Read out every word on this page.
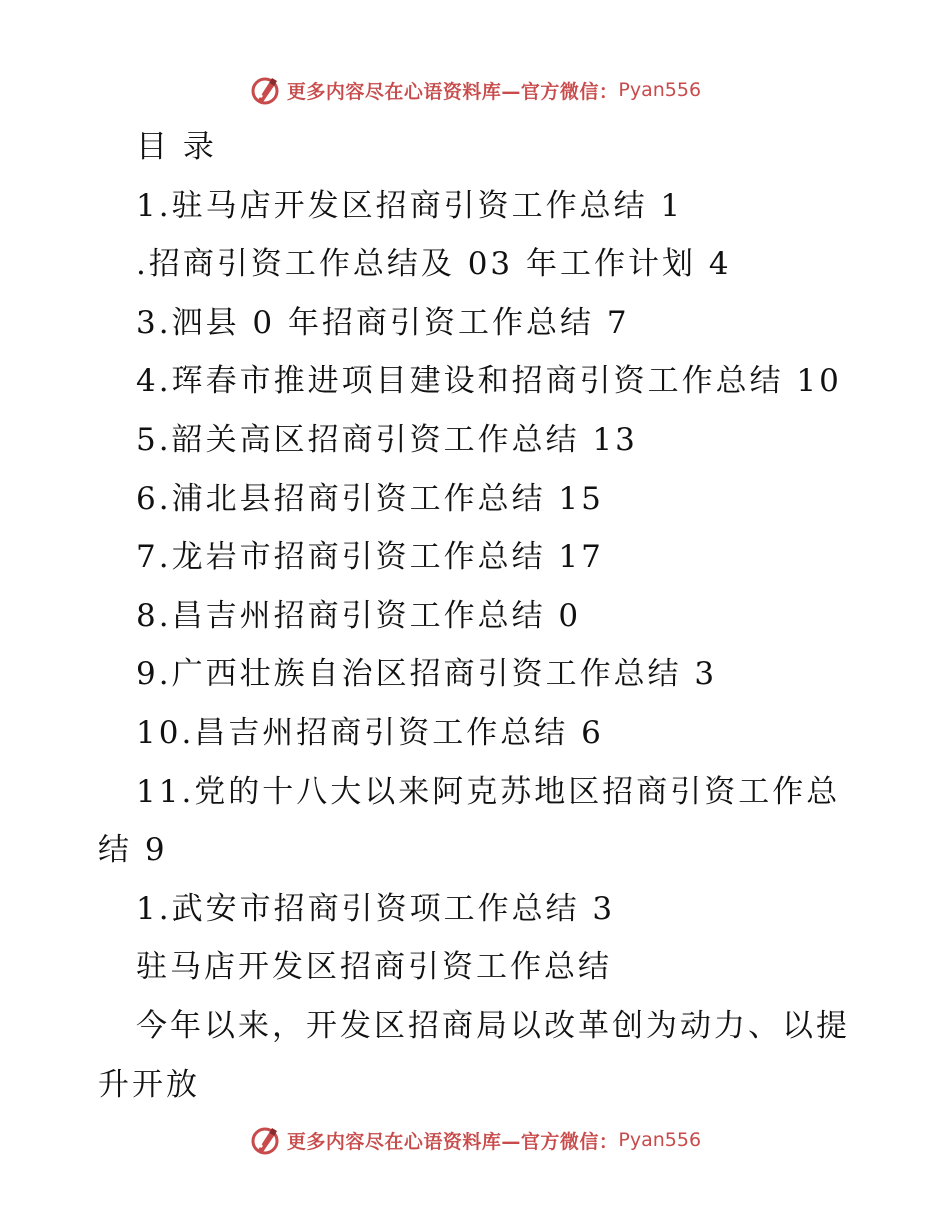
更多内容尽在心语资料库—官方微信： Pyan556
目 录
1.驻马店开发区招商引资工作总结 1
.招商引资工作总结及 03 年工作计划 4
3.泗县 0 年招商引资工作总结 7
4.珲春市推进项目建设和招商引资工作总结 10
5.韶关高区招商引资工作总结 13
6.浦北县招商引资工作总结 15
7.龙岩市招商引资工作总结 17
8.昌吉州招商引资工作总结 0
9.广西壮族自治区招商引资工作总结 3
10.昌吉州招商引资工作总结 6
11.党的十八大以来阿克苏地区招商引资工作总
结 9
1.武安市招商引资项工作总结 3
驻马店开发区招商引资工作总结
今年以来，开发区招商局以改革创为动力、以提
升开放
更多内容尽在心语资料库—官方微信： Pyan556
